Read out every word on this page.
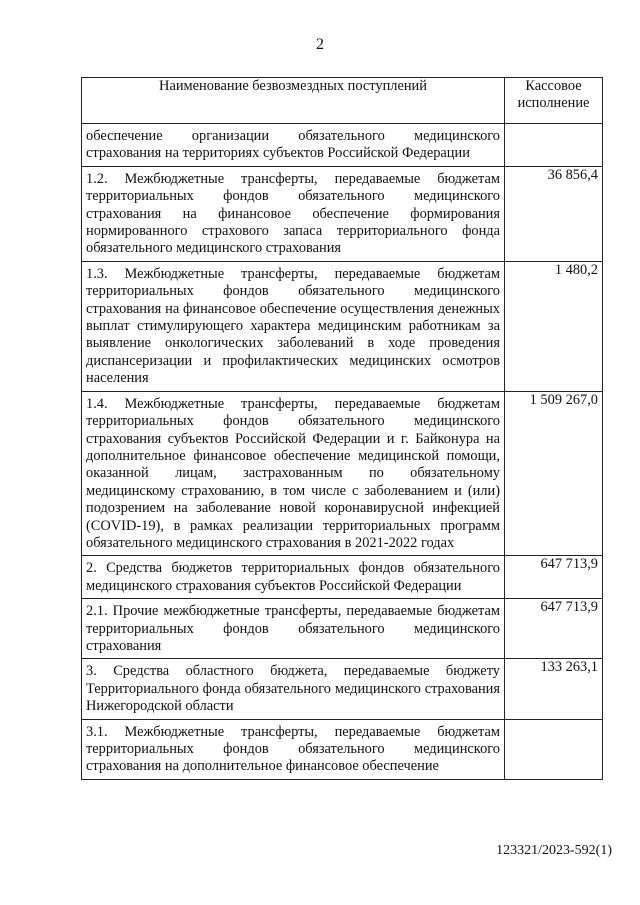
2
Наименование безвозмездных поступлений	Кассовое исполнение
обеспечение организации обязательного медицинского страхования на территориях субъектов Российской Федерации	
1.2. Межбюджетные трансферты, передаваемые бюджетам территориальных фондов обязательного медицинского страхования на финансовое обеспечение формирования нормированного страхового запаса территориального фонда обязательного медицинского страхования	36 856,4
1.3. Межбюджетные трансферты, передаваемые бюджетам территориальных фондов обязательного медицинского страхования на финансовое обеспечение осуществления денежных выплат стимулирующего характера медицинским работникам за выявление онкологических заболеваний в ходе проведения диспансеризации и профилактических медицинских осмотров населения	1 480,2
1.4. Межбюджетные трансферты, передаваемые бюджетам территориальных фондов обязательного медицинского страхования субъектов Российской Федерации и г. Байконура на дополнительное финансовое обеспечение медицинской помощи, оказанной лицам, застрахованным по обязательному медицинскому страхованию, в том числе с заболеванием и (или) подозрением на заболевание новой коронавирусной инфекцией (COVID-19), в рамках реализации территориальных программ обязательного медицинского страхования в 2021-2022 годах	1 509 267,0
2. Средства бюджетов территориальных фондов обязательного медицинского страхования субъектов Российской Федерации	647 713,9
2.1. Прочие межбюджетные трансферты, передаваемые бюджетам территориальных фондов обязательного медицинского страхования	647 713,9
3. Средства областного бюджета, передаваемые бюджету Территориального фонда обязательного медицинского страхования Нижегородской области	133 263,1
3.1. Межбюджетные трансферты, передаваемые бюджетам территориальных фондов обязательного медицинского страхования на дополнительное финансовое обеспечение	
123321/2023-592(1)
